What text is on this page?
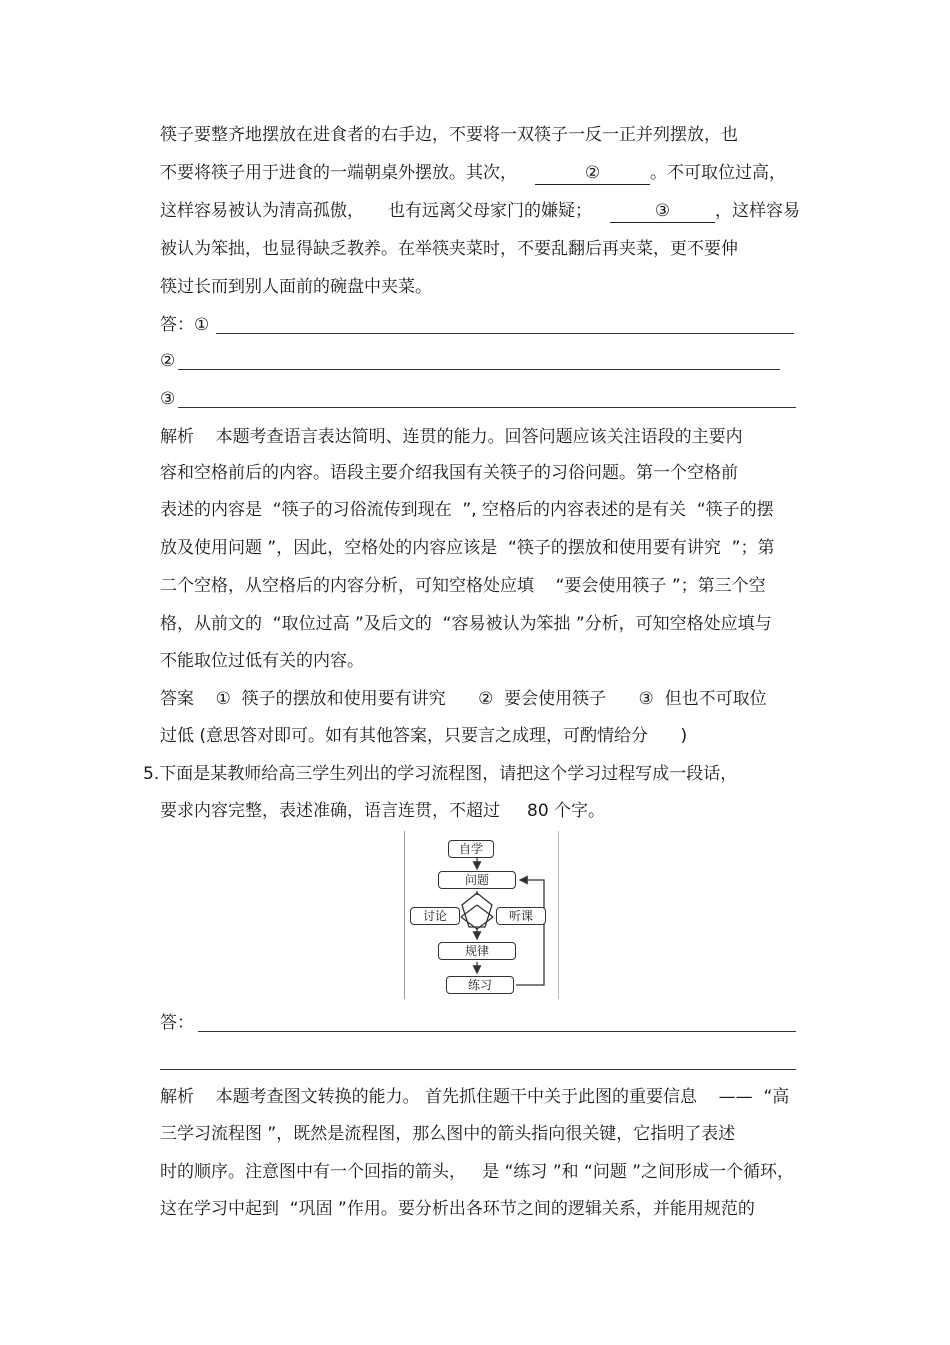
筷子要整齐地摆放在进食者的右手边，不要将一双筷子一反一正并列摆放，也
不要将筷子用于进食的一端朝桌外摆放。其次，	②	。不可取位过高，
这样容易被认为清高孤傲， 也有远离父母家门的嫌疑；	③	，这样容易
被认为笨拙，也显得缺乏教养。在举筷夹菜时，不要乱翻后再夹菜，更不要伸
筷过长而到别人面前的碗盘中夹菜。
答：①
②
③
解析    本题考查语言表达简明、连贯的能力。回答问题应该关注语段的主要内
容和空格前后的内容。语段主要介绍我国有关筷子的习俗问题。第一个空格前
表述的内容是  “筷子的习俗流传到现在  ”, 空格后的内容表述的是有关  “筷子的摆
放及使用问题 ”，因此，空格处的内容应该是  “筷子的摆放和使用要有讲究  ”；第
二个空格，从空格后的内容分析，可知空格处应填    “要会使用筷子 ”；第三个空
格，从前文的  “取位过高 ”及后文的  “容易被认为笨拙 ”分析，可知空格处应填与
不能取位过低有关的内容。
答案    ①  筷子的摆放和使用要有讲究      ②  要会使用筷子      ③  但也不可取位
过低 (意思答对即可。如有其他答案，只要言之成理，可酌情给分      )
5.下面是某教师给高三学生列出的学习流程图，请把这个学习过程写成一段话，
要求内容完整，表述准确，语言连贯，不超过     80 个字。
自学
问题
讨论	听课
规律
练习
答：
解析    本题考查图文转换的能力。 首先抓住题干中关于此图的重要信息    ——  “高
三学习流程图 ”，既然是流程图，那么图中的箭头指向很关键，它指明了表述
时的顺序。注意图中有一个回指的箭头，   是 “练习 ”和 “问题 ”之间形成一个循环，
这在学习中起到  “巩固 ”作用。要分析出各环节之间的逻辑关系，并能用规范的
